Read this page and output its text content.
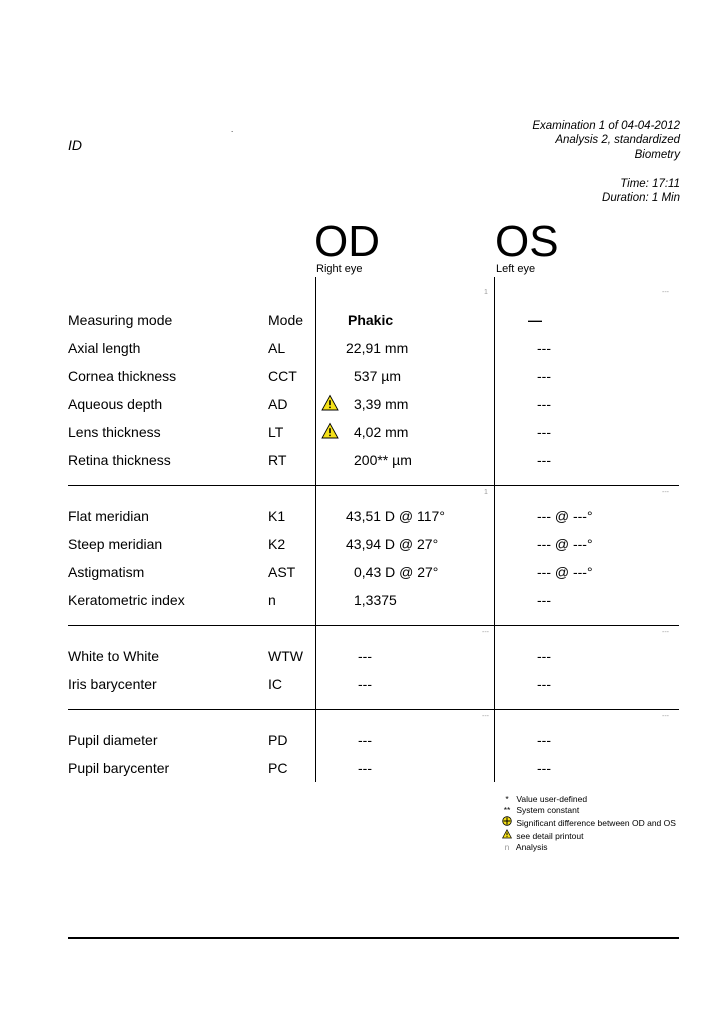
.
ID
Examination 1 of 04-04-2012
Analysis 2, standardized
Biometry
Time: 17:11
Duration: 1 Min
OD
Right eye
OS
Left eye
1	---
1	---
---	---
---	---
Measuring mode	Mode	Phakic	—
Axial length	AL	22,91 mm	---
Cornea thickness	CCT	537 µm	---
Aqueous depth	AD	3,39 mm	---
Lens thickness	LT	4,02 mm	---
Retina thickness	RT	200** µm	---
Flat meridian	K1	43,51 D @ 117°	--- @ ---°
Steep meridian	K2	43,94 D @ 27°	--- @ ---°
Astigmatism	AST	0,43 D @ 27°	--- @ ---°
Keratometric index	n	1,3375	---
White to White	WTW	---	---
Iris barycenter	IC	---	---
Pupil diameter	PD	---	---
Pupil barycenter	PC	---	---
* Value user-defined
** System constant
Significant difference between OD and OS
see detail printout
n Analysis
